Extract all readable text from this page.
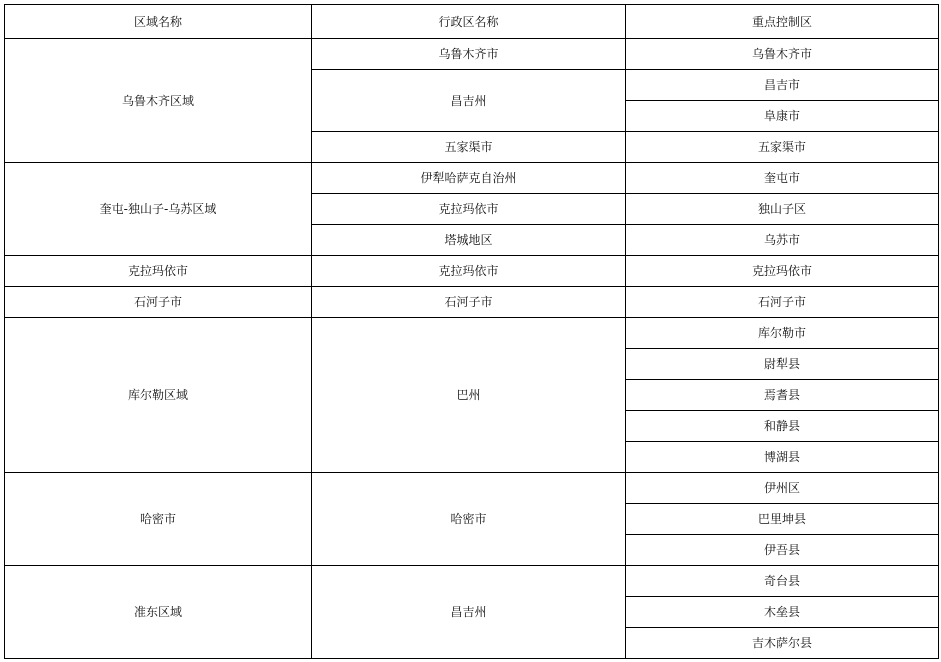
区域名称	行政区名称	重点控制区
乌鲁木齐区域	乌鲁木齐市	乌鲁木齐市
	昌吉州	昌吉市
		阜康市
	五家渠市	五家渠市
奎屯-独山子-乌苏区域	伊犁哈萨克自治州	奎屯市
	克拉玛依市	独山子区
	塔城地区	乌苏市
克拉玛依市	克拉玛依市	克拉玛依市
石河子市	石河子市	石河子市
库尔勒区域	巴州	库尔勒市
		尉犁县
		焉耆县
		和静县
		博湖县
哈密市	哈密市	伊州区
		巴里坤县
		伊吾县
准东区域	昌吉州	奇台县
		木垒县
		吉木萨尔县
